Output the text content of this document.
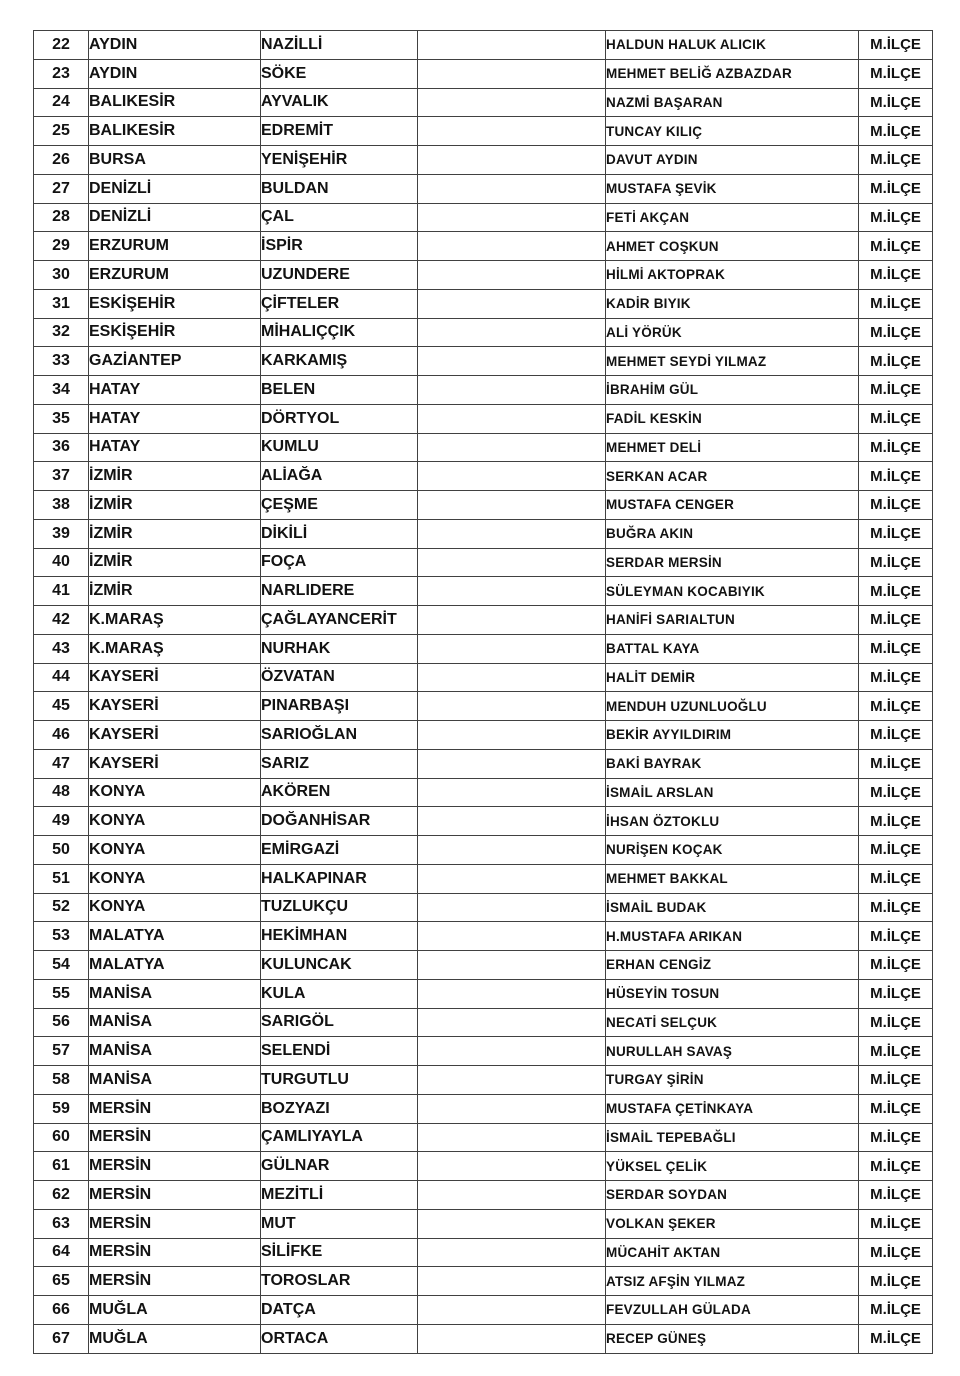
22	AYDIN	NAZİLLİ		HALDUN HALUK ALICIK	M.İLÇE
23	AYDIN	SÖKE		MEHMET BELİĞ AZBAZDAR	M.İLÇE
24	BALIKESİR	AYVALIK		NAZMİ BAŞARAN	M.İLÇE
25	BALIKESİR	EDREMİT		TUNCAY KILIÇ	M.İLÇE
26	BURSA	YENİŞEHİR		DAVUT AYDIN	M.İLÇE
27	DENİZLİ	BULDAN		MUSTAFA ŞEVİK	M.İLÇE
28	DENİZLİ	ÇAL		FETİ AKÇAN	M.İLÇE
29	ERZURUM	İSPİR		AHMET COŞKUN	M.İLÇE
30	ERZURUM	UZUNDERE		HİLMİ AKTOPRAK	M.İLÇE
31	ESKİŞEHİR	ÇİFTELER		KADİR BIYIK	M.İLÇE
32	ESKİŞEHİR	MİHALIÇÇIK		ALİ YÖRÜK	M.İLÇE
33	GAZİANTEP	KARKAMIŞ		MEHMET SEYDİ YILMAZ	M.İLÇE
34	HATAY	BELEN		İBRAHİM GÜL	M.İLÇE
35	HATAY	DÖRTYOL		FADİL KESKİN	M.İLÇE
36	HATAY	KUMLU		MEHMET DELİ	M.İLÇE
37	İZMİR	ALİAĞA		SERKAN ACAR	M.İLÇE
38	İZMİR	ÇEŞME		MUSTAFA CENGER	M.İLÇE
39	İZMİR	DİKİLİ		BUĞRA AKIN	M.İLÇE
40	İZMİR	FOÇA		SERDAR MERSİN	M.İLÇE
41	İZMİR	NARLIDERE		SÜLEYMAN KOCABIYIK	M.İLÇE
42	K.MARAŞ	ÇAĞLAYANCERİT		HANİFİ SARIALTUN	M.İLÇE
43	K.MARAŞ	NURHAK		BATTAL KAYA	M.İLÇE
44	KAYSERİ	ÖZVATAN		HALİT DEMİR	M.İLÇE
45	KAYSERİ	PINARBAŞI		MENDUH UZUNLUOĞLU	M.İLÇE
46	KAYSERİ	SARIOĞLAN		BEKİR AYYILDIRIM	M.İLÇE
47	KAYSERİ	SARIZ		BAKİ BAYRAK	M.İLÇE
48	KONYA	AKÖREN		İSMAİL ARSLAN	M.İLÇE
49	KONYA	DOĞANHİSAR		İHSAN ÖZTOKLU	M.İLÇE
50	KONYA	EMİRGAZİ		NURİŞEN KOÇAK	M.İLÇE
51	KONYA	HALKAPINAR		MEHMET BAKKAL	M.İLÇE
52	KONYA	TUZLUKÇU		İSMAİL BUDAK	M.İLÇE
53	MALATYA	HEKİMHAN		H.MUSTAFA ARIKAN	M.İLÇE
54	MALATYA	KULUNCAK		ERHAN CENGİZ	M.İLÇE
55	MANİSA	KULA		HÜSEYİN TOSUN	M.İLÇE
56	MANİSA	SARIGÖL		NECATİ SELÇUK	M.İLÇE
57	MANİSA	SELENDİ		NURULLAH SAVAŞ	M.İLÇE
58	MANİSA	TURGUTLU		TURGAY ŞİRİN	M.İLÇE
59	MERSİN	BOZYAZI		MUSTAFA ÇETİNKAYA	M.İLÇE
60	MERSİN	ÇAMLIYAYLA		İSMAİL TEPEBAĞLI	M.İLÇE
61	MERSİN	GÜLNAR		YÜKSEL ÇELİK	M.İLÇE
62	MERSİN	MEZİTLİ		SERDAR SOYDAN	M.İLÇE
63	MERSİN	MUT		VOLKAN ŞEKER	M.İLÇE
64	MERSİN	SİLİFKE		MÜCAHİT AKTAN	M.İLÇE
65	MERSİN	TOROSLAR		ATSIZ AFŞİN YILMAZ	M.İLÇE
66	MUĞLA	DATÇA		FEVZULLAH GÜLADA	M.İLÇE
67	MUĞLA	ORTACA		RECEP GÜNEŞ	M.İLÇE
